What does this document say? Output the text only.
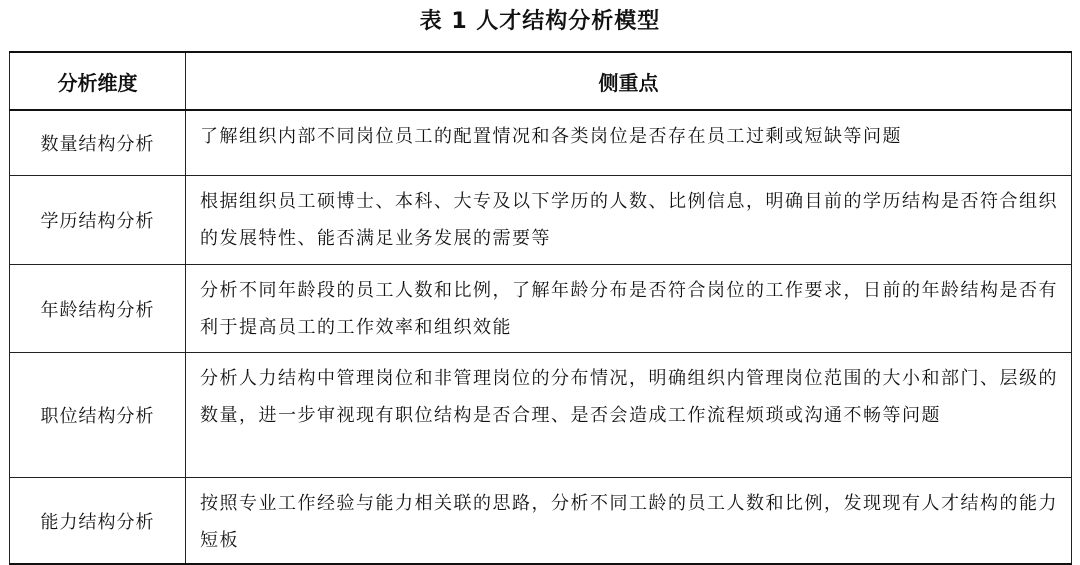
表 1 人才结构分析模型
分析维度	侧重点
数量结构分析	了解组织内部不同岗位员工的配置情况和各类岗位是否存在员工过剩或短缺等问题
学历结构分析	根据组织员工硕博士、本科、大专及以下学历的人数、比例信息，明确目前的学历结构是否符合组织的发展特性、能否满足业务发展的需要等
年龄结构分析	分析不同年龄段的员工人数和比例，了解年龄分布是否符合岗位的工作要求，日前的年龄结构是否有利于提高员工的工作效率和组织效能
职位结构分析	分析人力结构中管理岗位和非管理岗位的分布情况，明确组织内管理岗位范围的大小和部门、层级的数量，进一步审视现有职位结构是否合理、是否会造成工作流程烦琐或沟通不畅等问题
能力结构分析	按照专业工作经验与能力相关联的思路，分析不同工龄的员工人数和比例，发现现有人才结构的能力短板
